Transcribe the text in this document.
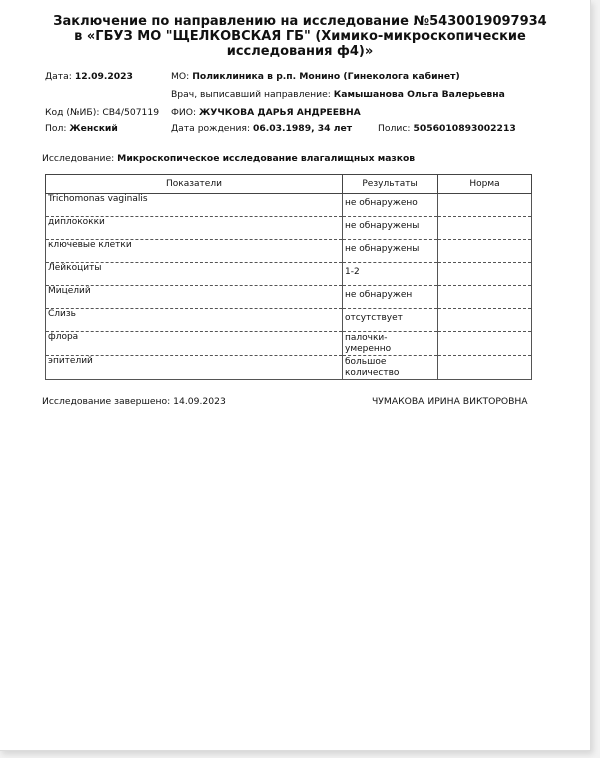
Заключение по направлению на исследование №5430019097934
в «ГБУЗ МО "ЩЕЛКОВСКАЯ ГБ" (Химико-микроскопические
исследования ф4)»
Дата: 12.09.2023	МО: Поликлиника в р.п. Монино (Гинеколога кабинет)
Врач, выписавший направление: Камышанова Ольга Валерьевна
Код (№ИБ): СВ4/507119 ФИО: ЖУЧКОВА ДАРЬЯ АНДРЕЕВНА
Пол: Женский	Дата рождения: 06.03.1989, 34 лет	Полис: 5056010893002213
Исследование: Микроскопическое исследование влагалищных мазков
Показатели	Результаты	Норма
Trichomonas vaginalis	не обнаружено	
диплококки	не обнаружены	
ключевые клетки	не обнаружены	
Лейкоциты	1-2	
Мицелий	не обнаружен	
Слизь	отсутствует	
флора	палочки-
умеренно	

эпителий	большое
количество	

Исследование завершено: 14.09.2023	ЧУМАКОВА ИРИНА ВИКТОРОВНА
